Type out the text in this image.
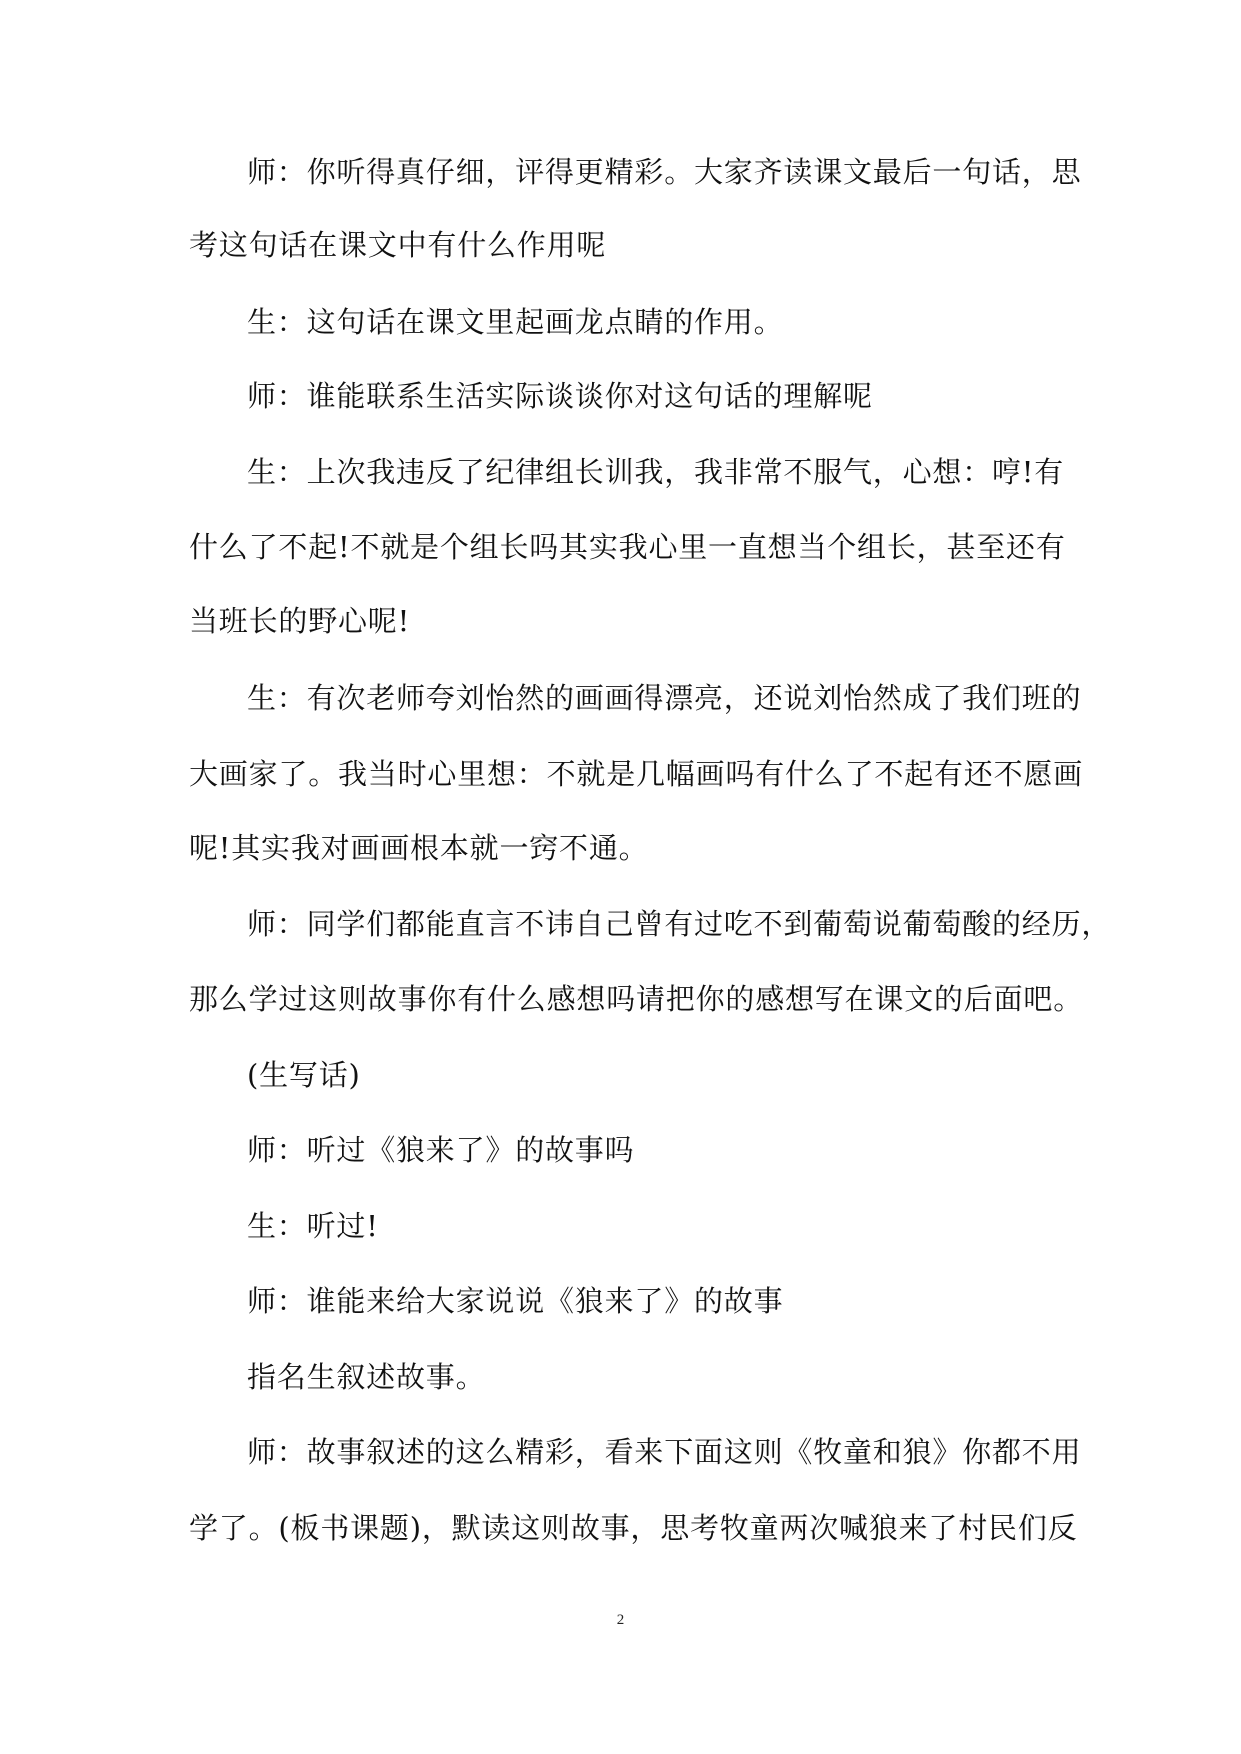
师：你听得真仔细，评得更精彩。大家齐读课文最后一句话，思
考这句话在课文中有什么作用呢
生：这句话在课文里起画龙点睛的作用。
师：谁能联系生活实际谈谈你对这句话的理解呢
生：上次我违反了纪律组长训我，我非常不服气，心想：哼!有
什么了不起!不就是个组长吗其实我心里一直想当个组长，甚至还有
当班长的野心呢!
生：有次老师夸刘怡然的画画得漂亮，还说刘怡然成了我们班的
大画家了。我当时心里想：不就是几幅画吗有什么了不起有还不愿画
呢!其实我对画画根本就一窍不通。
师：同学们都能直言不讳自己曾有过吃不到葡萄说葡萄酸的经历，
那么学过这则故事你有什么感想吗请把你的感想写在课文的后面吧。
(生写话)
师：听过《狼来了》的故事吗
生：听过!
师：谁能来给大家说说《狼来了》的故事
指名生叙述故事。
师：故事叙述的这么精彩，看来下面这则《牧童和狼》你都不用
学了。(板书课题)，默读这则故事，思考牧童两次喊狼来了村民们反
2
